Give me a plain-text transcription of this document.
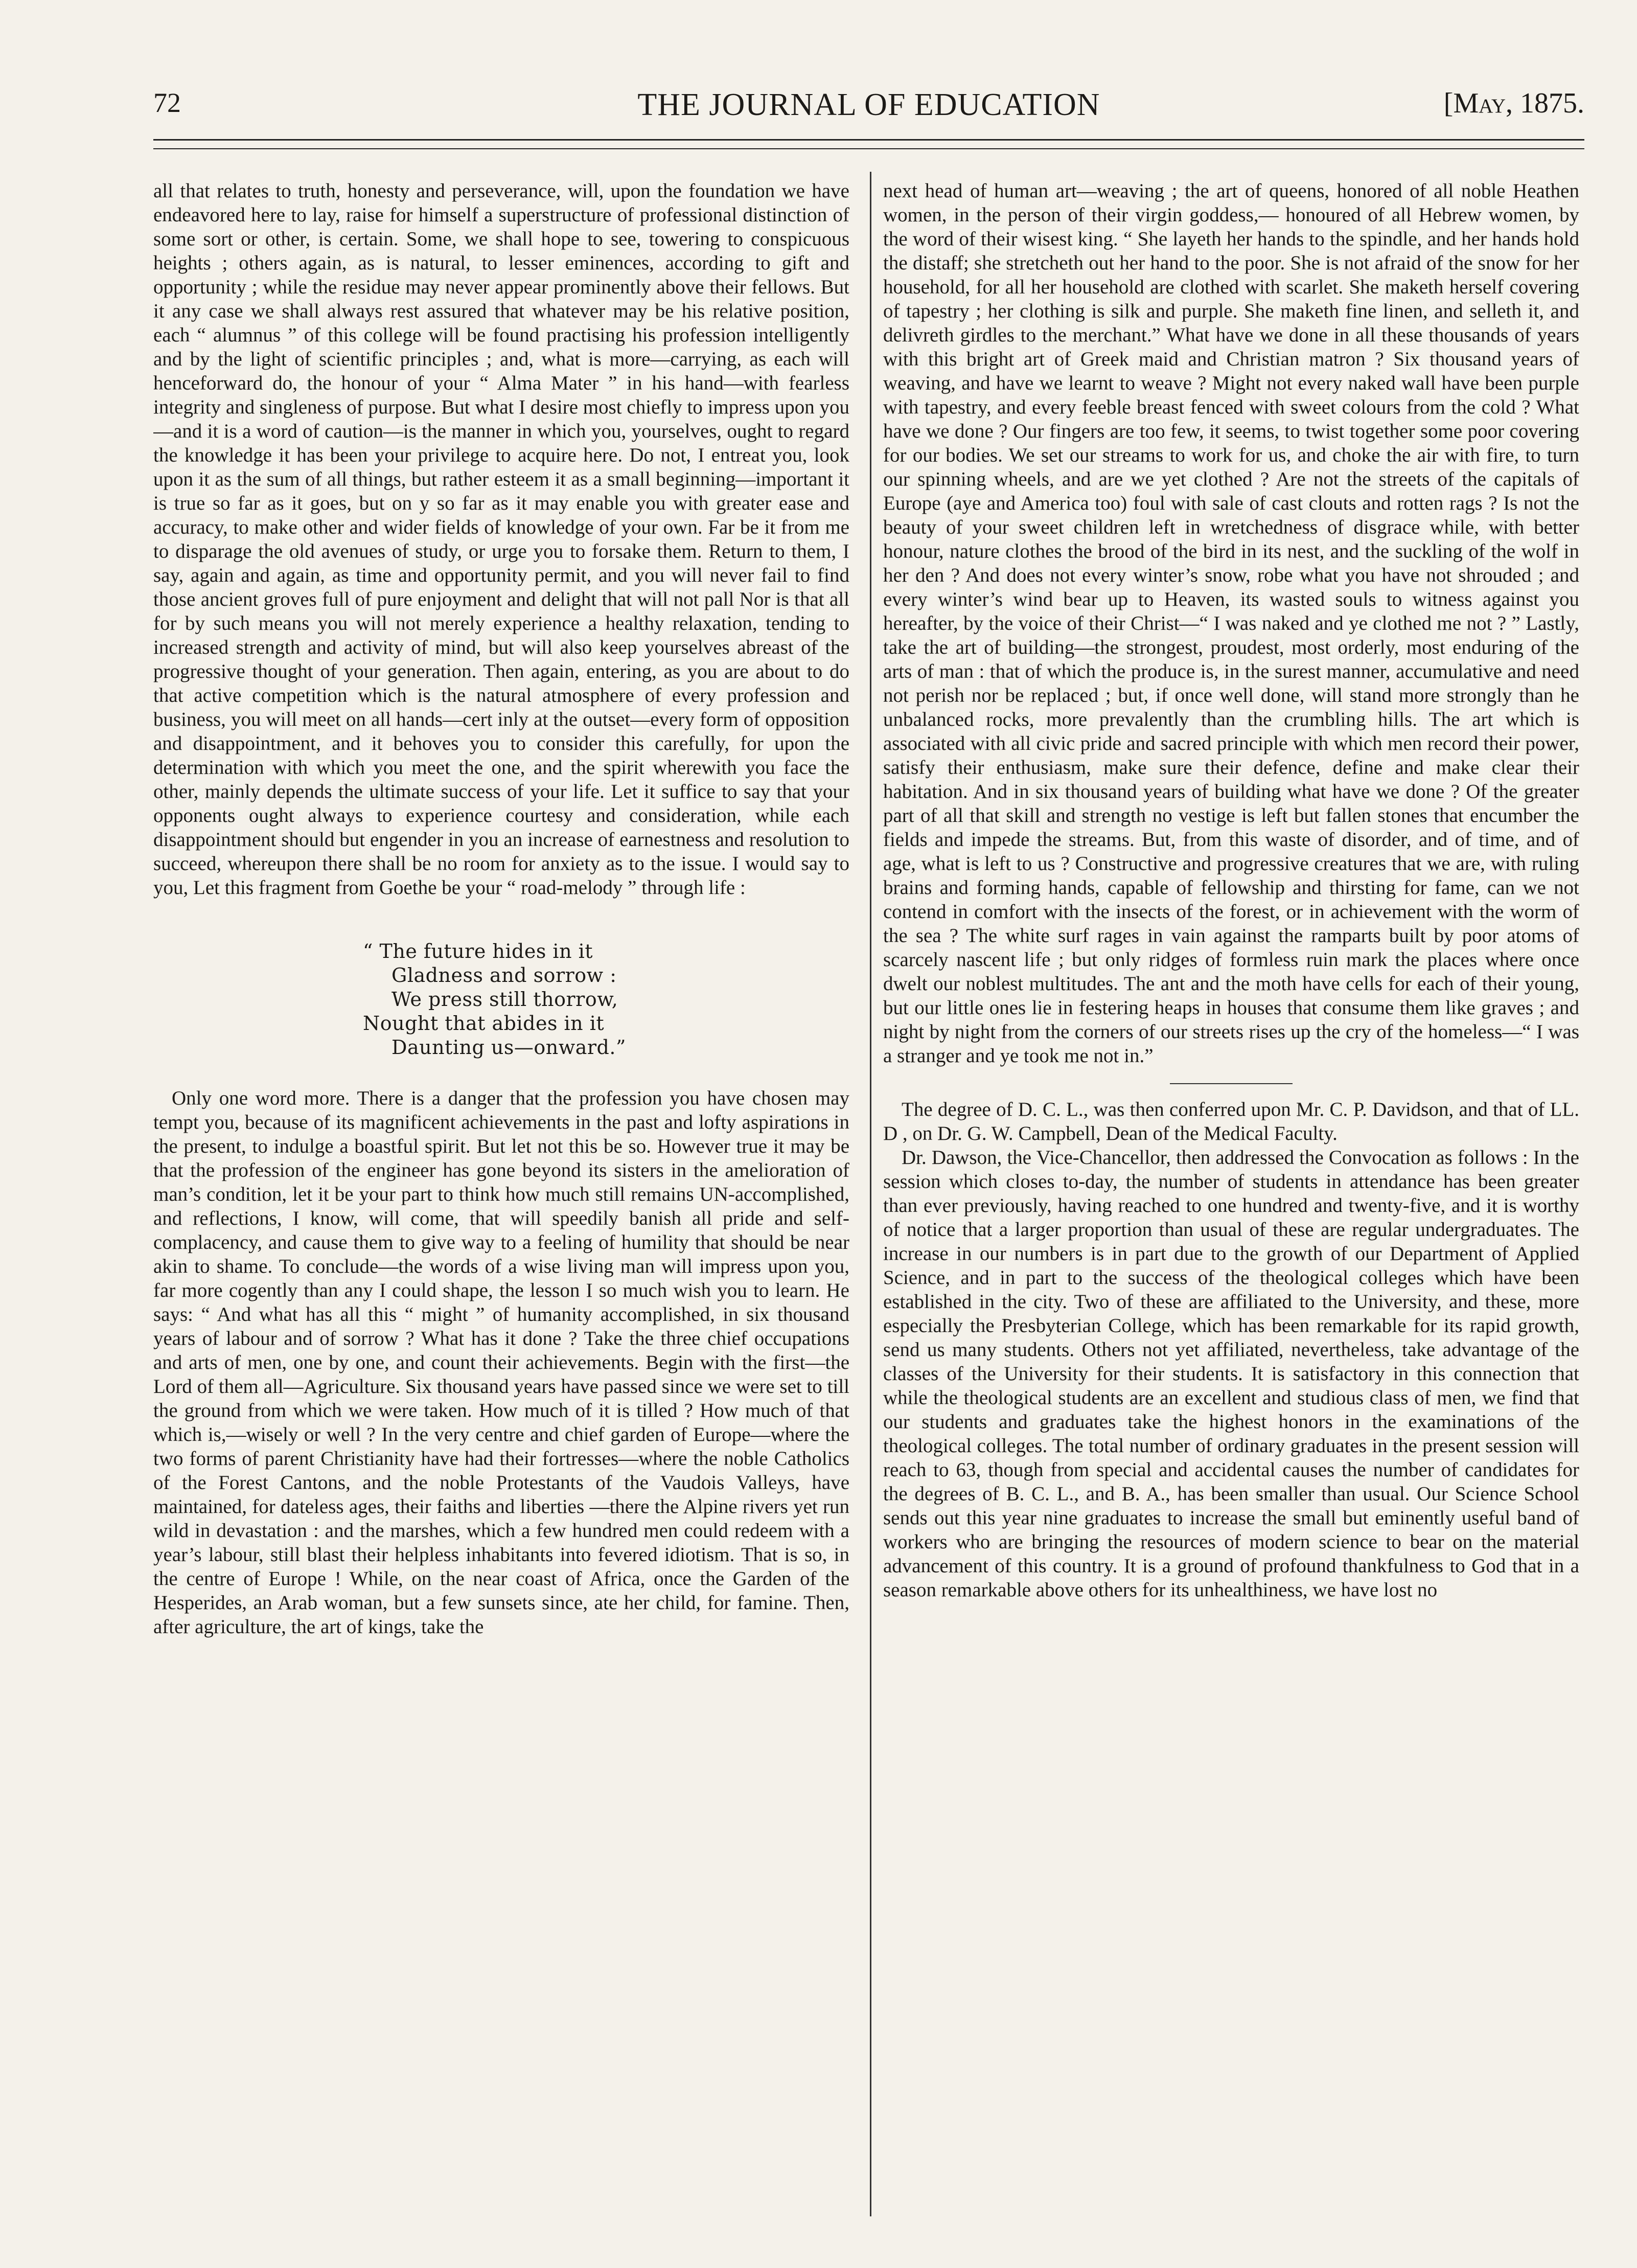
72	THE JOURNAL OF EDUCATION	[May, 1875.

all that relates to truth, honesty and perseverance, will, upon the foundation we have endeavored here to lay, raise for himself a superstructure of professional distinction of some sort or other, is certain. Some, we shall hope to see, towering to conspicuous heights ; others again, as is natural, to lesser eminences, according to gift and opportunity ; while the residue may never appear prominently above their fellows. But it any case we shall always rest assured that whatever may be his relative position, each “ alumnus ” of this college will be found practising his profession intelligently and by the light of scientific principles ; and, what is more—carrying, as each will henceforward do, the honour of your “ Alma Mater ” in his hand—with fearless integrity and singleness of purpose. But what I desire most chiefly to impress upon you—and it is a word of caution—is the manner in which you, yourselves, ought to regard the knowledge it has been your privilege to acquire here. Do not, I entreat you, look upon it as the sum of all things, but rather esteem it as a small beginning—important it is true so far as it goes, but on y so far as it may enable you with greater ease and accuracy, to make other and wider fields of knowledge of your own. Far be it from me to disparage the old avenues of study, or urge you to forsake them. Return to them, I say, again and again, as time and opportunity permit, and you will never fail to find those ancient groves full of pure enjoyment and delight that will not pall Nor is that all for by such means you will not merely experience a healthy relaxation, tending to increased strength and activity of mind, but will also keep yourselves abreast of the progressive thought of your generation. Then again, entering, as you are about to do that active competition which is the natural atmosphere of every profession and business, you will meet on all hands—cert inly at the outset—every form of opposition and disappointment, and it behoves you to consider this carefully, for upon the determination with which you meet the one, and the spirit wherewith you face the other, mainly depends the ultimate success of your life. Let it suffice to say that your opponents ought always to experience courtesy and consideration, while each disappointment should but engender in you an increase of earnestness and resolution to succeed, whereupon there shall be no room for anxiety as to the issue. I would say to you, Let this fragment from Goethe be your “ road-melody ” through life :

“ The future hides in it
Gladness and sorrow :
We press still thorrow,
Nought that abides in it
Daunting us—onward.”

Only one word more. There is a danger that the profession you have chosen may tempt you, because of its magnificent achievements in the past and lofty aspirations in the present, to indulge a boastful spirit. But let not this be so. However true it may be that the profession of the engineer has gone beyond its sisters in the amelioration of man’s condition, let it be your part to think how much still remains UN-accomplished, and reflections, I know, will come, that will speedily banish all pride and self-complacency, and cause them to give way to a feeling of humility that should be near akin to shame. To conclude—the words of a wise living man will impress upon you, far more cogently than any I could shape, the lesson I so much wish you to learn. He says: “ And what has all this “ might ” of humanity accomplished, in six thousand years of labour and of sorrow ? What has it done ? Take the three chief occupations and arts of men, one by one, and count their achievements. Begin with the first—the Lord of them all—Agriculture. Six thousand years have passed since we were set to till the ground from which we were taken. How much of it is tilled ? How much of that which is,—wisely or well ? In the very centre and chief garden of Europe—where the two forms of parent Christianity have had their fortresses—where the noble Catholics of the Forest Cantons, and the noble Protestants of the Vaudois Valleys, have maintained, for dateless ages, their faiths and liberties —there the Alpine rivers yet run wild in devastation : and the marshes, which a few hundred men could redeem with a year’s labour, still blast their helpless inhabitants into fevered idiotism. That is so, in the centre of Europe ! While, on the near coast of Africa, once the Garden of the Hesperides, an Arab woman, but a few sunsets since, ate her child, for famine. Then, after agriculture, the art of kings, take the

next head of human art—weaving ; the art of queens, honored of all noble Heathen women, in the person of their virgin goddess,— honoured of all Hebrew women, by the word of their wisest king. “ She layeth her hands to the spindle, and her hands hold the distaff; she stretcheth out her hand to the poor. She is not afraid of the snow for her household, for all her household are clothed with scarlet. She maketh herself covering of tapestry ; her clothing is silk and purple. She maketh fine linen, and selleth it, and delivreth girdles to the merchant.” What have we done in all these thousands of years with this bright art of Greek maid and Christian matron ? Six thousand years of weaving, and have we learnt to weave ? Might not every naked wall have been purple with tapestry, and every feeble breast fenced with sweet colours from the cold ? What have we done ? Our fingers are too few, it seems, to twist together some poor covering for our bodies. We set our streams to work for us, and choke the air with fire, to turn our spinning wheels, and are we yet clothed ? Are not the streets of the capitals of Europe (aye and America too) foul with sale of cast clouts and rotten rags ? Is not the beauty of your sweet children left in wretchedness of disgrace while, with better honour, nature clothes the brood of the bird in its nest, and the suckling of the wolf in her den ? And does not every winter’s snow, robe what you have not shrouded ; and every winter’s wind bear up to Heaven, its wasted souls to witness against you hereafter, by the voice of their Christ—“ I was naked and ye clothed me not ? ” Lastly, take the art of building—the strongest, proudest, most orderly, most enduring of the arts of man : that of which the produce is, in the surest manner, accumulative and need not perish nor be replaced ; but, if once well done, will stand more strongly than he unbalanced rocks, more prevalently than the crumbling hills. The art which is associated with all civic pride and sacred principle with which men record their power, satisfy their enthusiasm, make sure their defence, define and make clear their habitation. And in six thousand years of building what have we done ? Of the greater part of all that skill and strength no vestige is left but fallen stones that encumber the fields and impede the streams. But, from this waste of disorder, and of time, and of age, what is left to us ? Constructive and progressive creatures that we are, with ruling brains and forming hands, capable of fellowship and thirsting for fame, can we not contend in comfort with the insects of the forest, or in achievement with the worm of the sea ? The white surf rages in vain against the ramparts built by poor atoms of scarcely nascent life ; but only ridges of formless ruin mark the places where once dwelt our noblest multitudes. The ant and the moth have cells for each of their young, but our little ones lie in festering heaps in houses that consume them like graves ; and night by night from the corners of our streets rises up the cry of the homeless—“ I was a stranger and ye took me not in.”

The degree of D. C. L., was then conferred upon Mr. C. P. Davidson, and that of LL. D , on Dr. G. W. Campbell, Dean of the Medical Faculty.

Dr. Dawson, the Vice-Chancellor, then addressed the Convocation as follows : In the session which closes to-day, the number of students in attendance has been greater than ever previously, having reached to one hundred and twenty-five, and it is worthy of notice that a larger proportion than usual of these are regular undergraduates. The increase in our numbers is in part due to the growth of our Department of Applied Science, and in part to the success of the theological colleges which have been established in the city. Two of these are affiliated to the University, and these, more especially the Presbyterian College, which has been remarkable for its rapid growth, send us many students. Others not yet affiliated, nevertheless, take advantage of the classes of the University for their students. It is satisfactory in this connection that while the theological students are an excellent and studious class of men, we find that our students and graduates take the highest honors in the examinations of the theological colleges. The total number of ordinary graduates in the present session will reach to 63, though from special and accidental causes the number of candidates for the degrees of B. C. L., and B. A., has been smaller than usual. Our Science School sends out this year nine graduates to increase the small but eminently useful band of workers who are bringing the resources of modern science to bear on the material advancement of this country. It is a ground of profound thankfulness to God that in a season remarkable above others for its unhealthiness, we have lost no
